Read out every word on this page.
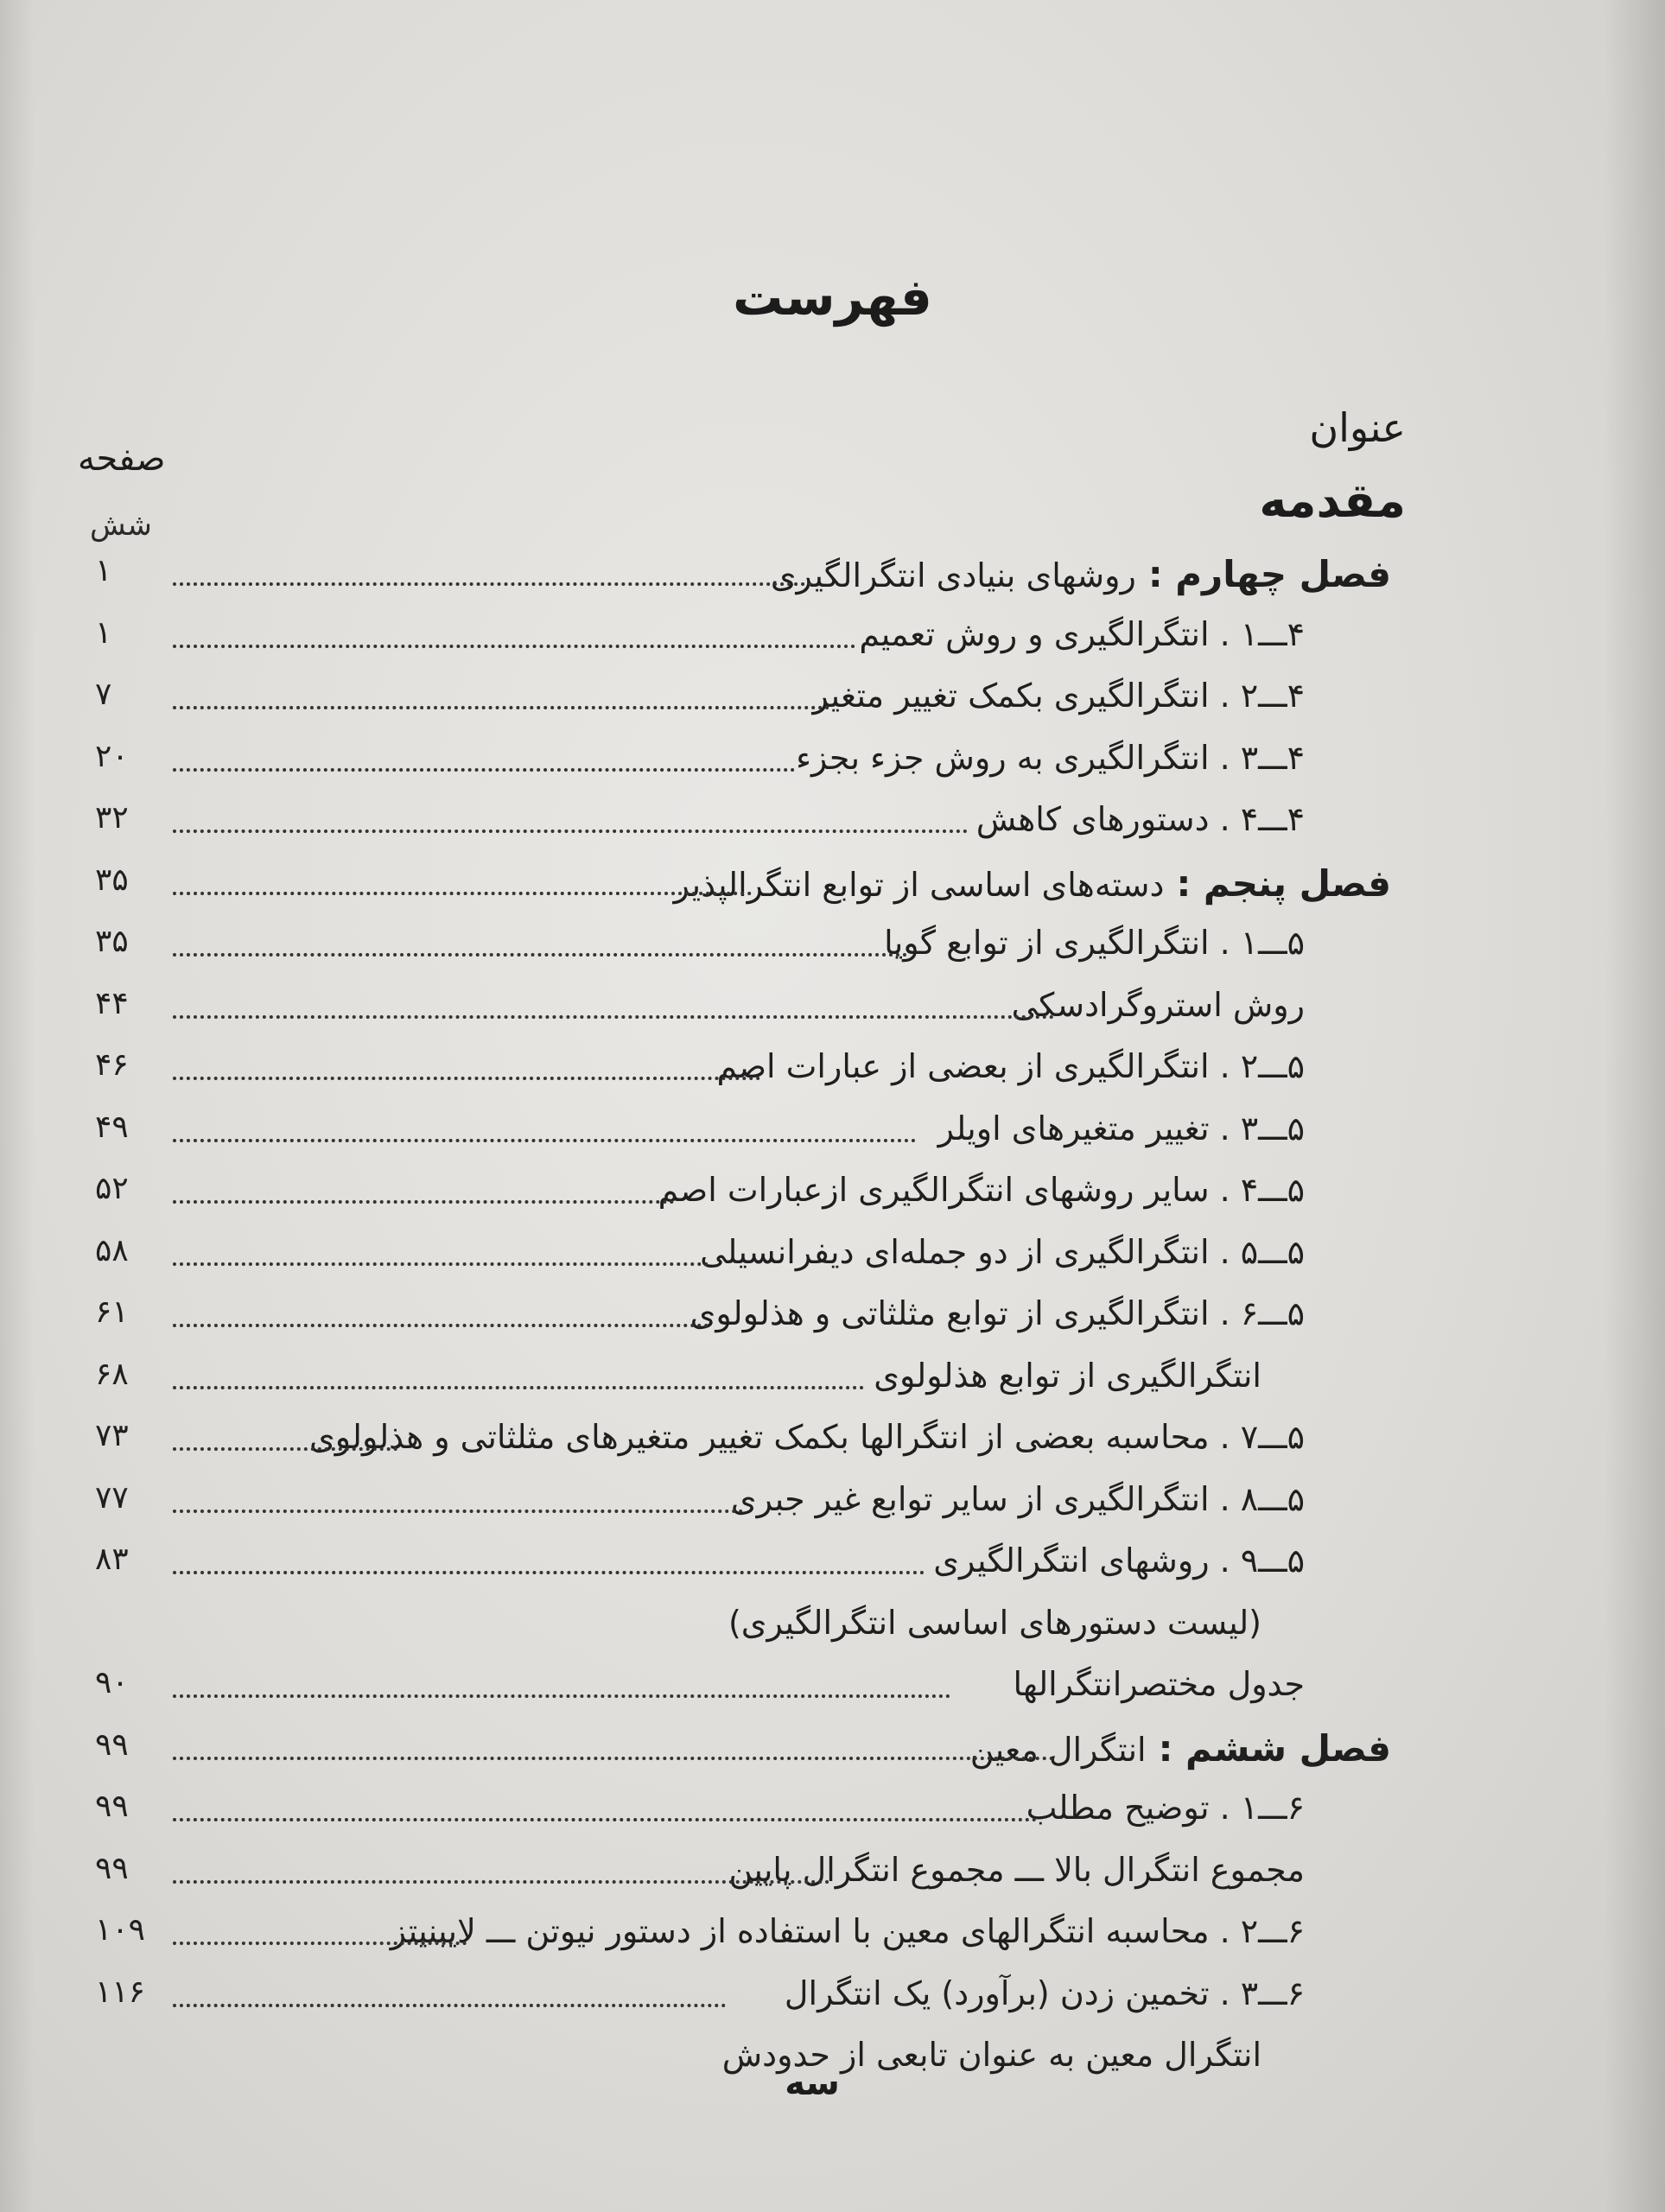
فهرست
عنوان
صفحه
مقدمه
شش
فصل چهارم :
روشهای بنیادی انتگرالگیری
۱
۴ـــ۱ .
انتگرالگیری و روش تعمیم
۱
۴ـــ۲ .
انتگرالگیری بکمک تغییر متغیر
۷
۴ـــ۳ .
انتگرالگیری به روش جزء بجزء
۲۰
۴ـــ۴ .
دستورهای کاهش
۳۲
فصل پنجم :
دسته‌های اساسی از توابع انتگرالپذیر
۳۵
۵ـــ۱ .
انتگرالگیری از توابع گویا
۳۵
روش استروگرادسکی
۴۴
۵ـــ۲ .
انتگرالگیری از بعضی از عبارات اصم
۴۶
۵ـــ۳ .
تغییر متغیرهای اویلر
۴۹
۵ـــ۴ .
سایر روشهای انتگرالگیری ازعبارات اصم
۵۲
۵ـــ۵ .
انتگرالگیری از دو جمله‌ای دیفرانسیلی
۵۸
۵ـــ۶ .
انتگرالگیری از توابع مثلثاتی و هذلولوی
۶۱
انتگرالگیری از توابع هذلولوی
۶۸
۵ـــ۷ .
محاسبه بعضی از انتگرالها بکمک تغییر متغیرهای مثلثاتی و هذلولوی
۷۳
۵ـــ۸ .
انتگرالگیری از سایر توابع غیر جبری
۷۷
۵ـــ۹ .
روشهای انتگرالگیری
۸۳
(لیست دستورهای اساسی انتگرالگیری)
جدول مختصرانتگرالها
۹۰
فصل ششم :
انتگرال معین
۹۹
۶ـــ۱ .
توضیح مطلب
۹۹
مجموع انتگرال بالا ـــ مجموع انتگرال پایین
۹۹
۶ـــ۲ .
محاسبه انتگرالهای معین با استفاده از دستور نیوتن ـــ لایبنیتز
۱۰۹
۶ـــ۳ .
تخمین زدن (برآورد) یک انتگرال
۱۱۶
انتگرال معین به عنوان تابعی از حدودش
سه
